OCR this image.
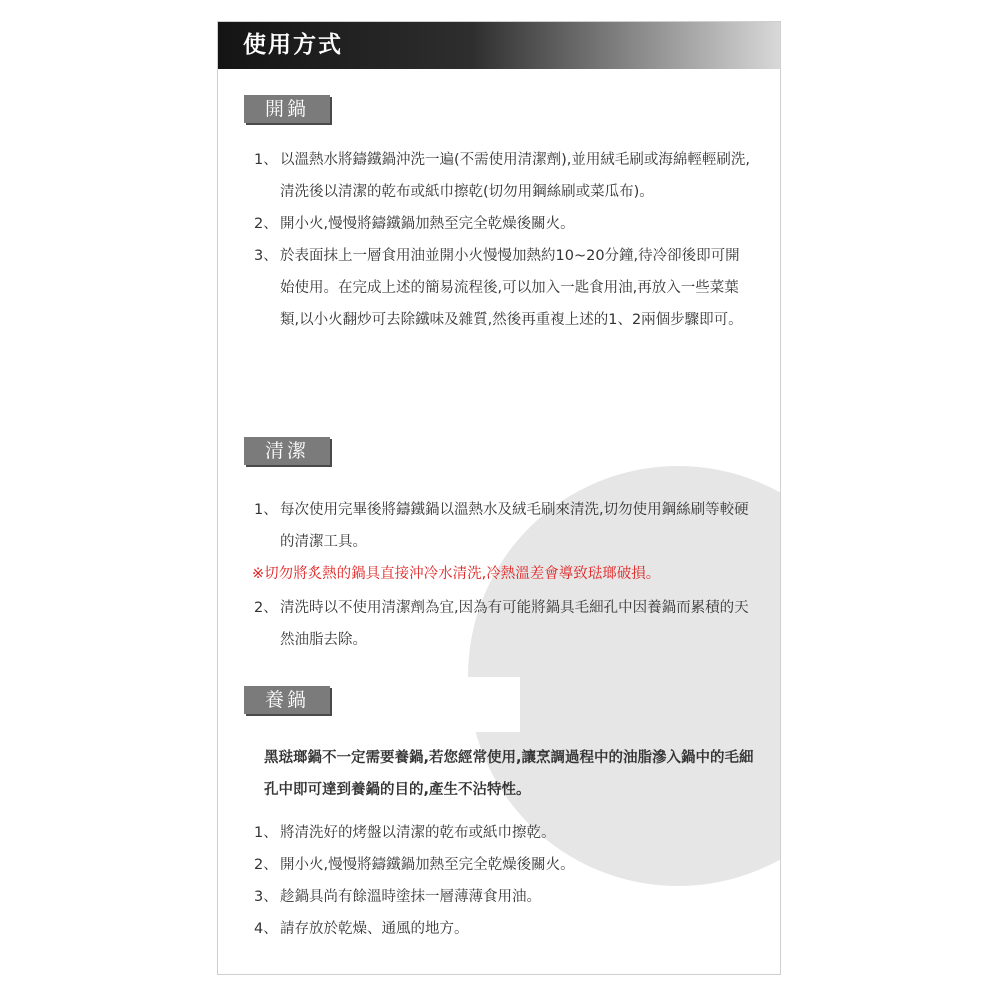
使用方式
開鍋
1、 以溫熱水將鑄鐵鍋沖洗一遍(不需使用清潔劑),並用絨毛刷或海綿輕輕刷洗,清洗後以清潔的乾布或紙巾擦乾(切勿用鋼絲刷或菜瓜布)。
2、 開小火,慢慢將鑄鐵鍋加熱至完全乾燥後關火。
3、 於表面抹上一層食用油並開小火慢慢加熱約10~20分鐘,待冷卻後即可開始使用。在完成上述的簡易流程後,可以加入一匙食用油,再放入一些菜葉類,以小火翻炒可去除鐵味及雜質,然後再重複上述的1、2兩個步驟即可。
清潔
1、 每次使用完畢後將鑄鐵鍋以溫熱水及絨毛刷來清洗,切勿使用鋼絲刷等較硬的清潔工具。
※切勿將炙熱的鍋具直接沖冷水清洗,冷熱溫差會導致琺瑯破損。
2、 清洗時以不使用清潔劑為宜,因為有可能將鍋具毛細孔中因養鍋而累積的天然油脂去除。
養鍋
黑琺瑯鍋不一定需要養鍋,若您經常使用,讓烹調過程中的油脂滲入鍋中的毛細孔中即可達到養鍋的目的,產生不沾特性。
1、 將清洗好的烤盤以清潔的乾布或紙巾擦乾。
2、 開小火,慢慢將鑄鐵鍋加熱至完全乾燥後關火。
3、 趁鍋具尚有餘溫時塗抹一層薄薄食用油。
4、 請存放於乾燥、通風的地方。
